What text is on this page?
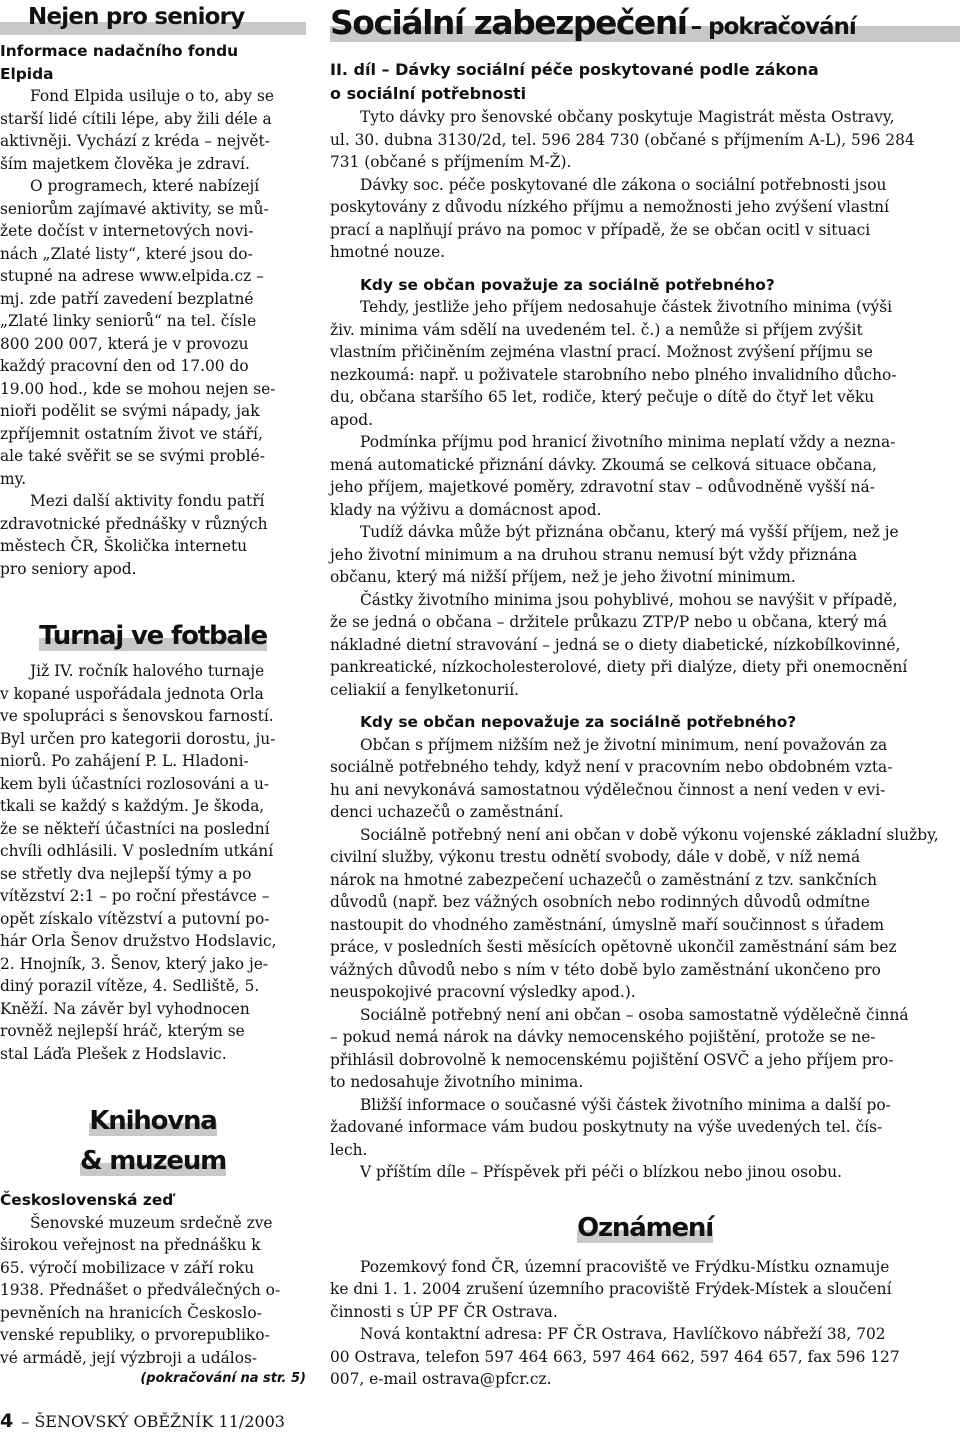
Nejen pro seniory

Informace nadačního fondu
Elpida

Fond Elpida usiluje o to, aby se
starší lidé cítili lépe, aby žili déle a
aktivněji. Vychází z kréda – největ-
ším majetkem člověka je zdraví.

O programech, které nabízejí
seniorům zajímavé aktivity, se mů-
žete dočíst v internetových novi-
nách „Zlaté listy“, které jsou do-
stupné na adrese www.elpida.cz –
mj. zde patří zavedení bezplatné
„Zlaté linky seniorů“ na tel. čísle
800 200 007, která je v provozu
každý pracovní den od 17.00 do
19.00 hod., kde se mohou nejen se-
nioři podělit se svými nápady, jak
zpříjemnit ostatním život ve stáří,
ale také svěřit se se svými problé-
my.

Mezi další aktivity fondu patří
zdravotnické přednášky v různých
městech ČR, Školička internetu
pro seniory apod.

Turnaj ve fotbale

Již IV. ročník halového turnaje
v kopané uspořádala jednota Orla
ve spolupráci s šenovskou farností.
Byl určen pro kategorii dorostu, ju-
niorů. Po zahájení P. L. Hladoni-
kem byli účastníci rozlosováni a u-
tkali se každý s každým. Je škoda,
že se někteří účastníci na poslední
chvíli odhlásili. V posledním utkání
se střetly dva nejlepší týmy a po
vítězství 2:1 – po roční přestávce –
opět získalo vítězství a putovní po-
hár Orla Šenov družstvo Hodslavic,
2. Hnojník, 3. Šenov, který jako je-
diný porazil vítěze, 4. Sedliště, 5.
Kněží. Na závěr byl vyhodnocen
rovněž nejlepší hráč, kterým se
stal Láďa Plešek z Hodslavic.

Knihovna

& muzeum

Československá zeď

Šenovské muzeum srdečně zve
širokou veřejnost na přednášku k
65. výročí mobilizace v září roku
1938. Přednášet o předválečných o-
pevněních na hranicích Českoslo-
venské republiky, o prvorepubliko-
vé armádě, její výzbroji a událos-

(pokračování na str. 5)

Sociální zabezpečení – pokračování

II. díl – Dávky sociální péče poskytované podle zákona
o sociální potřebnosti

Tyto dávky pro šenovské občany poskytuje Magistrát města Ostravy,
ul. 30. dubna 3130/2d, tel. 596 284 730 (občané s příjmením A-L), 596 284
731 (občané s příjmením M-Ž).

Dávky soc. péče poskytované dle zákona o sociální potřebnosti jsou
poskytovány z důvodu nízkého příjmu a nemožnosti jeho zvýšení vlastní
prací a naplňují právo na pomoc v případě, že se občan ocitl v situaci
hmotné nouze.

Kdy se občan považuje za sociálně potřebného?

Tehdy, jestliže jeho příjem nedosahuje částek životního minima (výši
živ. minima vám sdělí na uvedeném tel. č.) a nemůže si příjem zvýšit
vlastním přičiněním zejména vlastní prací. Možnost zvýšení příjmu se
nezkoumá: např. u poživatele starobního nebo plného invalidního důcho-
du, občana staršího 65 let, rodiče, který pečuje o dítě do čtyř let věku
apod.

Podmínka příjmu pod hranicí životního minima neplatí vždy a nezna-
mená automatické přiznání dávky. Zkoumá se celková situace občana,
jeho příjem, majetkové poměry, zdravotní stav – odůvodněně vyšší ná-
klady na výživu a domácnost apod.

Tudíž dávka může být přiznána občanu, který má vyšší příjem, než je
jeho životní minimum a na druhou stranu nemusí být vždy přiznána
občanu, který má nižší příjem, než je jeho životní minimum.

Částky životního minima jsou pohyblivé, mohou se navýšit v případě,
že se jedná o občana – držitele průkazu ZTP/P nebo u občana, který má
nákladné dietní stravování – jedná se o diety diabetické, nízkobílkovinné,
pankreatické, nízkocholesterolové, diety při dialýze, diety při onemocnění
celiakií a fenylketonurií.

Kdy se občan nepovažuje za sociálně potřebného?

Občan s příjmem nižším než je životní minimum, není považován za
sociálně potřebného tehdy, když není v pracovním nebo obdobném vztа-
hu ani nevykonává samostatnou výdělečnou činnost a není veden v evi-
denci uchazečů o zaměstnání.

Sociálně potřebný není ani občan v době výkonu vojenské základní služby,
civilní služby, výkonu trestu odnětí svobody, dále v době, v níž nemá
nárok na hmotné zabezpečení uchazečů o zaměstnání z tzv. sankčních
důvodů (např. bez vážných osobních nebo rodinných důvodů odmítne
nastoupit do vhodného zaměstnání, úmyslně maří součinnost s úřadem
práce, v posledních šesti měsících opětovně ukončil zaměstnání sám bez
vážných důvodů nebo s ním v této době bylo zaměstnání ukončeno pro
neuspokojivé pracovní výsledky apod.).

Sociálně potřebný není ani občan – osoba samostatně výdělečně činná
– pokud nemá nárok na dávky nemocenského pojištění, protože se ne-
přihlásil dobrovolně k nemocenskému pojištění OSVČ a jeho příjem pro-
to nedosahuje životního minima.

Bližší informace o současné výši částek životního minima a další po-
žadované informace vám budou poskytnuty na výše uvedených tel. čís-
lech.

V příštím díle – Příspěvek při péči o blízkou nebo jinou osobu.

Oznámení

Pozemkový fond ČR, územní pracoviště ve Frýdku-Místku oznamuje
ke dni 1. 1. 2004 zrušení územního pracoviště Frýdek-Místek a sloučení
činnosti s ÚP PF ČR Ostrava.

Nová kontaktní adresa: PF ČR Ostrava, Havlíčkovo nábřeží 38, 702
00 Ostrava, telefon 597 464 663, 597 464 662, 597 464 657, fax 596 127
007, e-mail ostrava@pfcr.cz.

4 – ŠENOVSKÝ OBĚŽNÍK 11/2003
